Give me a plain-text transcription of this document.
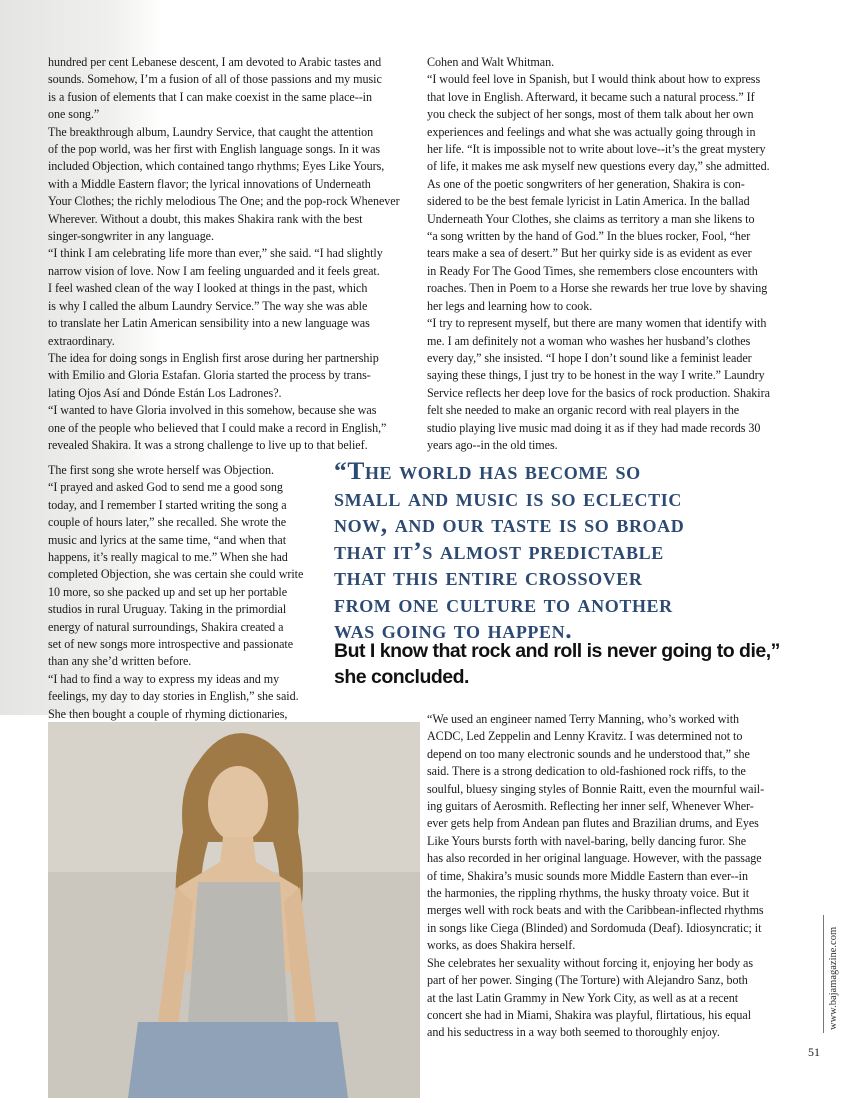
hundred per cent Lebanese descent, I am devoted to Arabic tastes and
sounds. Somehow, I’m a fusion of all of those passions and my music
is a fusion of elements that I can make coexist in the same place--in
one song.”
The breakthrough album, Laundry Service, that caught the attention
of the pop world, was her first with English language songs. In it was
included Objection, which contained tango rhythms; Eyes Like Yours,
with a Middle Eastern flavor; the lyrical innovations of Underneath
Your Clothes; the richly melodious The One; and the pop-rock Whenever
Wherever. Without a doubt, this makes Shakira rank with the best
singer-songwriter in any language.
“I think I am celebrating life more than ever,” she said. “I had slightly
narrow vision of love. Now I am feeling unguarded and it feels great.
I feel washed clean of the way I looked at things in the past, which
is why I called the album Laundry Service.” The way she was able
to translate her Latin American sensibility into a new language was
extraordinary.
The idea for doing songs in English first arose during her partnership
with Emilio and Gloria Estafan. Gloria started the process by trans-
lating Ojos Así and Dónde Están Los Ladrones?.
“I wanted to have Gloria involved in this somehow, because she was
one of the people who believed that I could make a record in English,”
revealed Shakira. It was a strong challenge to live up to that belief.

The first song she wrote herself was Objection.
“I prayed and asked God to send me a good song
today, and I remember I started writing the song a
couple of hours later,” she recalled. She wrote the
music and lyrics at the same time, “and when that
happens, it’s really magical to me.” When she had
completed Objection, she was certain she could write
10 more, so she packed up and set up her portable
studios in rural Uruguay. Taking in the primordial
energy of natural surroundings, Shakira created a
set of new songs more introspective and passionate
than any she’d written before.
“I had to find a way to express my ideas and my
feelings, my day to day stories in English,” she said.
She then bought a couple of rhyming dictionaries,

Cohen and Walt Whitman.
“I would feel love in Spanish, but I would think about how to express
that love in English. Afterward, it became such a natural process.” If
you check the subject of her songs, most of them talk about her own
experiences and feelings and what she was actually going through in
her life. “It is impossible not to write about love--it’s the great mystery
of life, it makes me ask myself new questions every day,” she admitted.
As one of the poetic songwriters of her generation, Shakira is con-
sidered to be the best female lyricist in Latin America. In the ballad
Underneath Your Clothes, she claims as territory a man she likens to
“a song written by the hand of God.” In the blues rocker, Fool, “her
tears make a sea of desert.” But her quirky side is as evident as ever
in Ready For The Good Times, she remembers close encounters with
roaches. Then in Poem to a Horse she rewards her true love by shaving
her legs and learning how to cook.
“I try to represent myself, but there are many women that identify with
me. I am definitely not a woman who washes her husband’s clothes
every day,” she insisted. “I hope I don’t sound like a feminist leader
saying these things, I just try to be honest in the way I write.” Laundry
Service reflects her deep love for the basics of rock production. Shakira
felt she needed to make an organic record with real players in the
studio playing live music mad doing it as if they had made records 30
years ago--in the old times.

“The world has become so
small and music is so eclectic
now, and our taste is so broad
that it’s almost predictable
that this entire crossover
from one culture to another
was going to happen.
But I know that rock and roll is never going to die,”
she concluded.

“We used an engineer named Terry Manning, who’s worked with
ACDC, Led Zeppelin and Lenny Kravitz. I was determined not to
depend on too many electronic sounds and he understood that,” she
said. There is a strong dedication to old-fashioned rock riffs, to the
soulful, bluesy singing styles of Bonnie Raitt, even the mournful wail-
ing guitars of Aerosmith. Reflecting her inner self, Whenever Wher-
ever gets help from Andean pan flutes and Brazilian drums, and Eyes
Like Yours bursts forth with navel-baring, belly dancing furor. She
has also recorded in her original language. However, with the passage
of time, Shakira’s music sounds more Middle Eastern than ever--in
the harmonies, the rippling rhythms, the husky throaty voice. But it
merges well with rock beats and with the Caribbean-inflected rhythms
in songs like Ciega (Blinded) and Sordomuda (Deaf). Idiosyncratic; it
works, as does Shakira herself.
She celebrates her sexuality without forcing it, enjoying her body as
part of her power. Singing (The Torture) with Alejandro Sanz, both
at the last Latin Grammy in New York City, as well as at a recent
concert she had in Miami, Shakira was playful, flirtatious, his equal
and his seductress in a way both seemed to thoroughly enjoy.

www.bajamagazine.com
51
